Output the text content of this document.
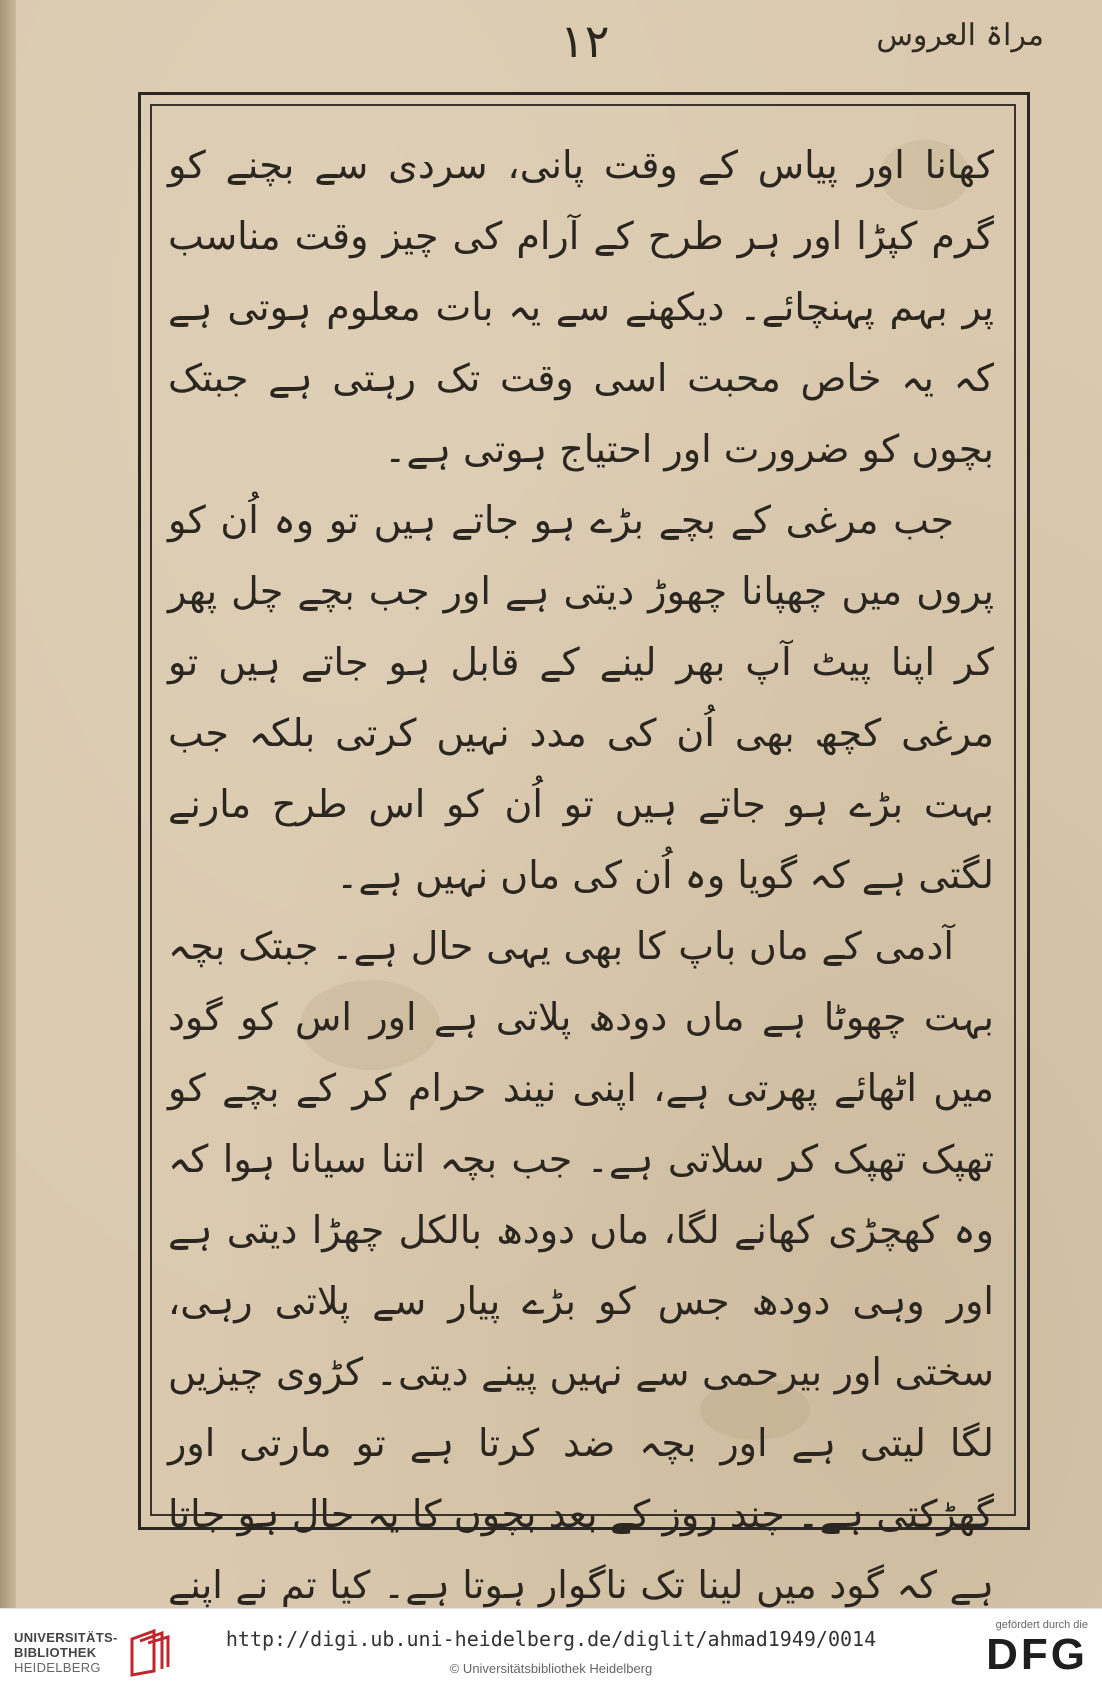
مراۃ العروس
۱۲

کھانا اور پیاس کے وقت پانی، سردی سے بچنے کو گرم کپڑا اور ہر طرح کے آرام کی چیز وقت مناسب پر بہم پہنچائے۔ دیکھنے سے یہ بات معلوم ہوتی ہے کہ یہ خاص محبت اسی وقت تک رہتی ہے جبتک بچوں کو ضرورت اور احتیاج ہوتی ہے۔

جب مرغی کے بچے بڑے ہو جاتے ہیں تو وہ اُن کو پروں میں چھپانا چھوڑ دیتی ہے اور جب بچے چل پھر کر اپنا پیٹ آپ بھر لینے کے قابل ہو جاتے ہیں تو مرغی کچھ بھی اُن کی مدد نہیں کرتی بلکہ جب بہت بڑے ہو جاتے ہیں تو اُن کو اس طرح مارنے لگتی ہے کہ گویا وہ اُن کی ماں نہیں ہے۔

آدمی کے ماں باپ کا بھی یہی حال ہے۔ جبتک بچہ بہت چھوٹا ہے ماں دودھ پلاتی ہے اور اس کو گود میں اٹھائے پھرتی ہے، اپنی نیند حرام کر کے بچے کو تھپک تھپک کر سلاتی ہے۔ جب بچہ اتنا سیانا ہوا کہ وہ کھچڑی کھانے لگا، ماں دودھ بالکل چھڑا دیتی ہے اور وہی دودھ جس کو بڑے پیار سے پلاتی رہی، سختی اور بیرحمی سے نہیں پینے دیتی۔ کڑوی چیزیں لگا لیتی ہے اور بچہ ضد کرتا ہے تو مارتی اور گھڑکتی ہے۔ چند روز کے بعد بچوں کا یہ حال ہو جاتا ہے کہ گود میں لینا تک ناگوار ہوتا ہے۔ کیا تم نے اپنے

UNIVERSITÄTS-
BIBLIOTHEK
HEIDELBERG
http://digi.ub.uni-heidelberg.de/diglit/ahmad1949/0014
© Universitätsbibliothek Heidelberg
gefördert durch die
DFG
